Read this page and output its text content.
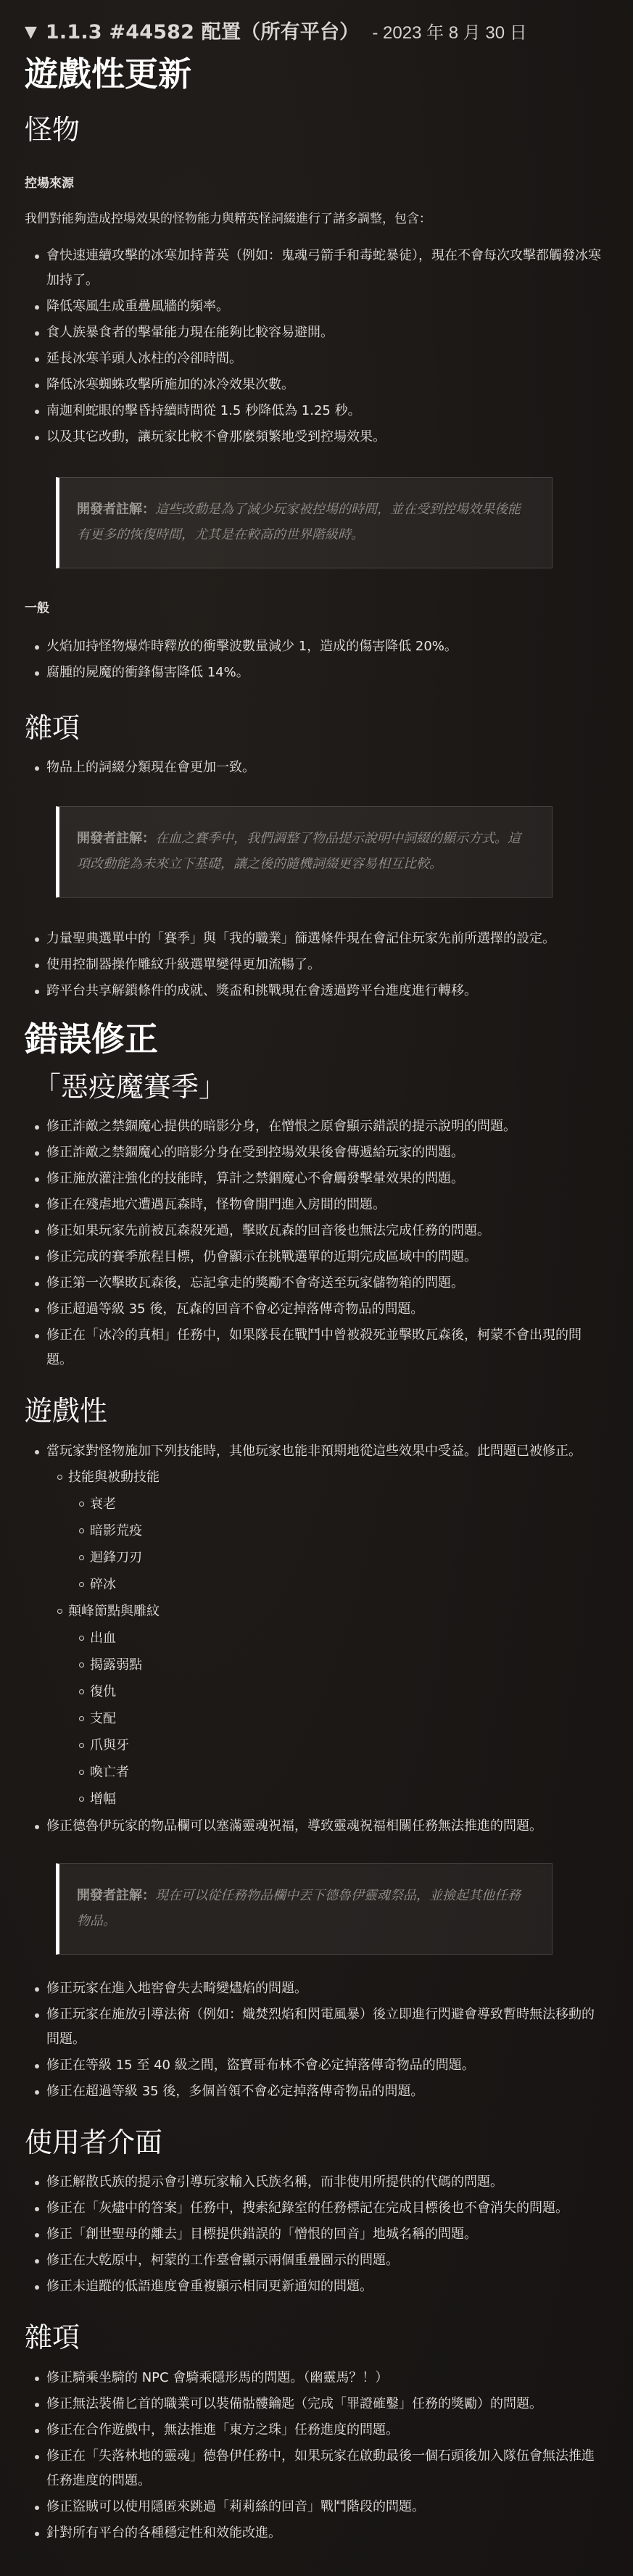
▼ 1.1.3 #44582 配置（所有平台） - 2023 年 8 月 30 日
遊戲性更新
怪物
控場來源

我們對能夠造成控場效果的怪物能力與精英怪詞綴進行了諸多調整，包含：

會快速連續攻擊的冰寒加持菁英（例如：鬼魂弓箭手和毒蛇暴徒），現在不會每次攻擊都觸發冰寒加持了。
降低寒風生成重疊風牆的頻率。
食人族暴食者的擊暈能力現在能夠比較容易避開。
延長冰寒羊頭人冰柱的冷卻時間。
降低冰寒蜘蛛攻擊所施加的冰冷效果次數。
南迦利蛇眼的擊昏持續時間從 1.5 秒降低為 1.25 秒。
以及其它改動，讓玩家比較不會那麼頻繁地受到控場效果。
開發者註解：這些改動是為了減少玩家被控場的時間，並在受到控場效果後能有更多的恢復時間，尤其是在較高的世界階級時。
一般
火焰加持怪物爆炸時釋放的衝擊波數量減少 1，造成的傷害降低 20%。
腐腫的屍魔的衝鋒傷害降低 14%。
雜項
物品上的詞綴分類現在會更加一致。
開發者註解：在血之賽季中，我們調整了物品提示說明中詞綴的顯示方式。這項改動能為未來立下基礎，讓之後的隨機詞綴更容易相互比較。
力量聖典選單中的「賽季」與「我的職業」篩選條件現在會記住玩家先前所選擇的設定。
使用控制器操作雕紋升級選單變得更加流暢了。
跨平台共享解鎖條件的成就、獎盃和挑戰現在會透過跨平台進度進行轉移。
錯誤修正
「惡疫魔賽季」
修正詐敵之禁錮魔心提供的暗影分身，在憎恨之原會顯示錯誤的提示說明的問題。
修正詐敵之禁錮魔心的暗影分身在受到控場效果後會傳遞給玩家的問題。
修正施放灌注強化的技能時，算計之禁錮魔心不會觸發擊暈效果的問題。
修正在殘虐地穴遭遇瓦森時，怪物會開門進入房間的問題。
修正如果玩家先前被瓦森殺死過，擊敗瓦森的回音後也無法完成任務的問題。
修正完成的賽季旅程目標，仍會顯示在挑戰選單的近期完成區域中的問題。
修正第一次擊敗瓦森後，忘記拿走的獎勵不會寄送至玩家儲物箱的問題。
修正超過等級 35 後，瓦森的回音不會必定掉落傳奇物品的問題。
修正在「冰冷的真相」任務中，如果隊長在戰鬥中曾被殺死並擊敗瓦森後，柯蒙不會出現的問題。
遊戲性
當玩家對怪物施加下列技能時，其他玩家也能非預期地從這些效果中受益。此問題已被修正。
技能與被動技能
衰老
暗影荒疫
迴鋒刀刃
碎冰
顛峰節點與雕紋
出血
揭露弱點
復仇
支配
爪與牙
喚亡者
增幅
修正德魯伊玩家的物品欄可以塞滿靈魂祝福，導致靈魂祝福相關任務無法推進的問題。
開發者註解：現在可以從任務物品欄中丟下德魯伊靈魂祭品，並撿起其他任務物品。
修正玩家在進入地窖會失去畸變燼焰的問題。
修正玩家在施放引導法術（例如：熾焚烈焰和閃電風暴）後立即進行閃避會導致暫時無法移動的問題。
修正在等級 15 至 40 級之間，盜寶哥布林不會必定掉落傳奇物品的問題。
修正在超過等級 35 後，多個首領不會必定掉落傳奇物品的問題。
使用者介面
修正解散氏族的提示會引導玩家輸入氏族名稱，而非使用所提供的代碼的問題。
修正在「灰燼中的答案」任務中，搜索紀錄室的任務標記在完成目標後也不會消失的問題。
修正「創世聖母的離去」目標提供錯誤的「憎恨的回音」地城名稱的問題。
修正在大乾原中，柯蒙的工作臺會顯示兩個重疊圖示的問題。
修正未追蹤的低語進度會重複顯示相同更新通知的問題。
雜項
修正騎乘坐騎的 NPC 會騎乘隱形馬的問題。（幽靈馬？！）
修正無法裝備匕首的職業可以裝備骷髏鑰匙（完成「罪證確鑿」任務的獎勵）的問題。
修正在合作遊戲中，無法推進「東方之珠」任務進度的問題。
修正在「失落林地的靈魂」德魯伊任務中，如果玩家在啟動最後一個石頭後加入隊伍會無法推進任務進度的問題。
修正盜賊可以使用隱匿來跳過「莉莉絲的回音」戰鬥階段的問題。
針對所有平台的各種穩定性和效能改進。
